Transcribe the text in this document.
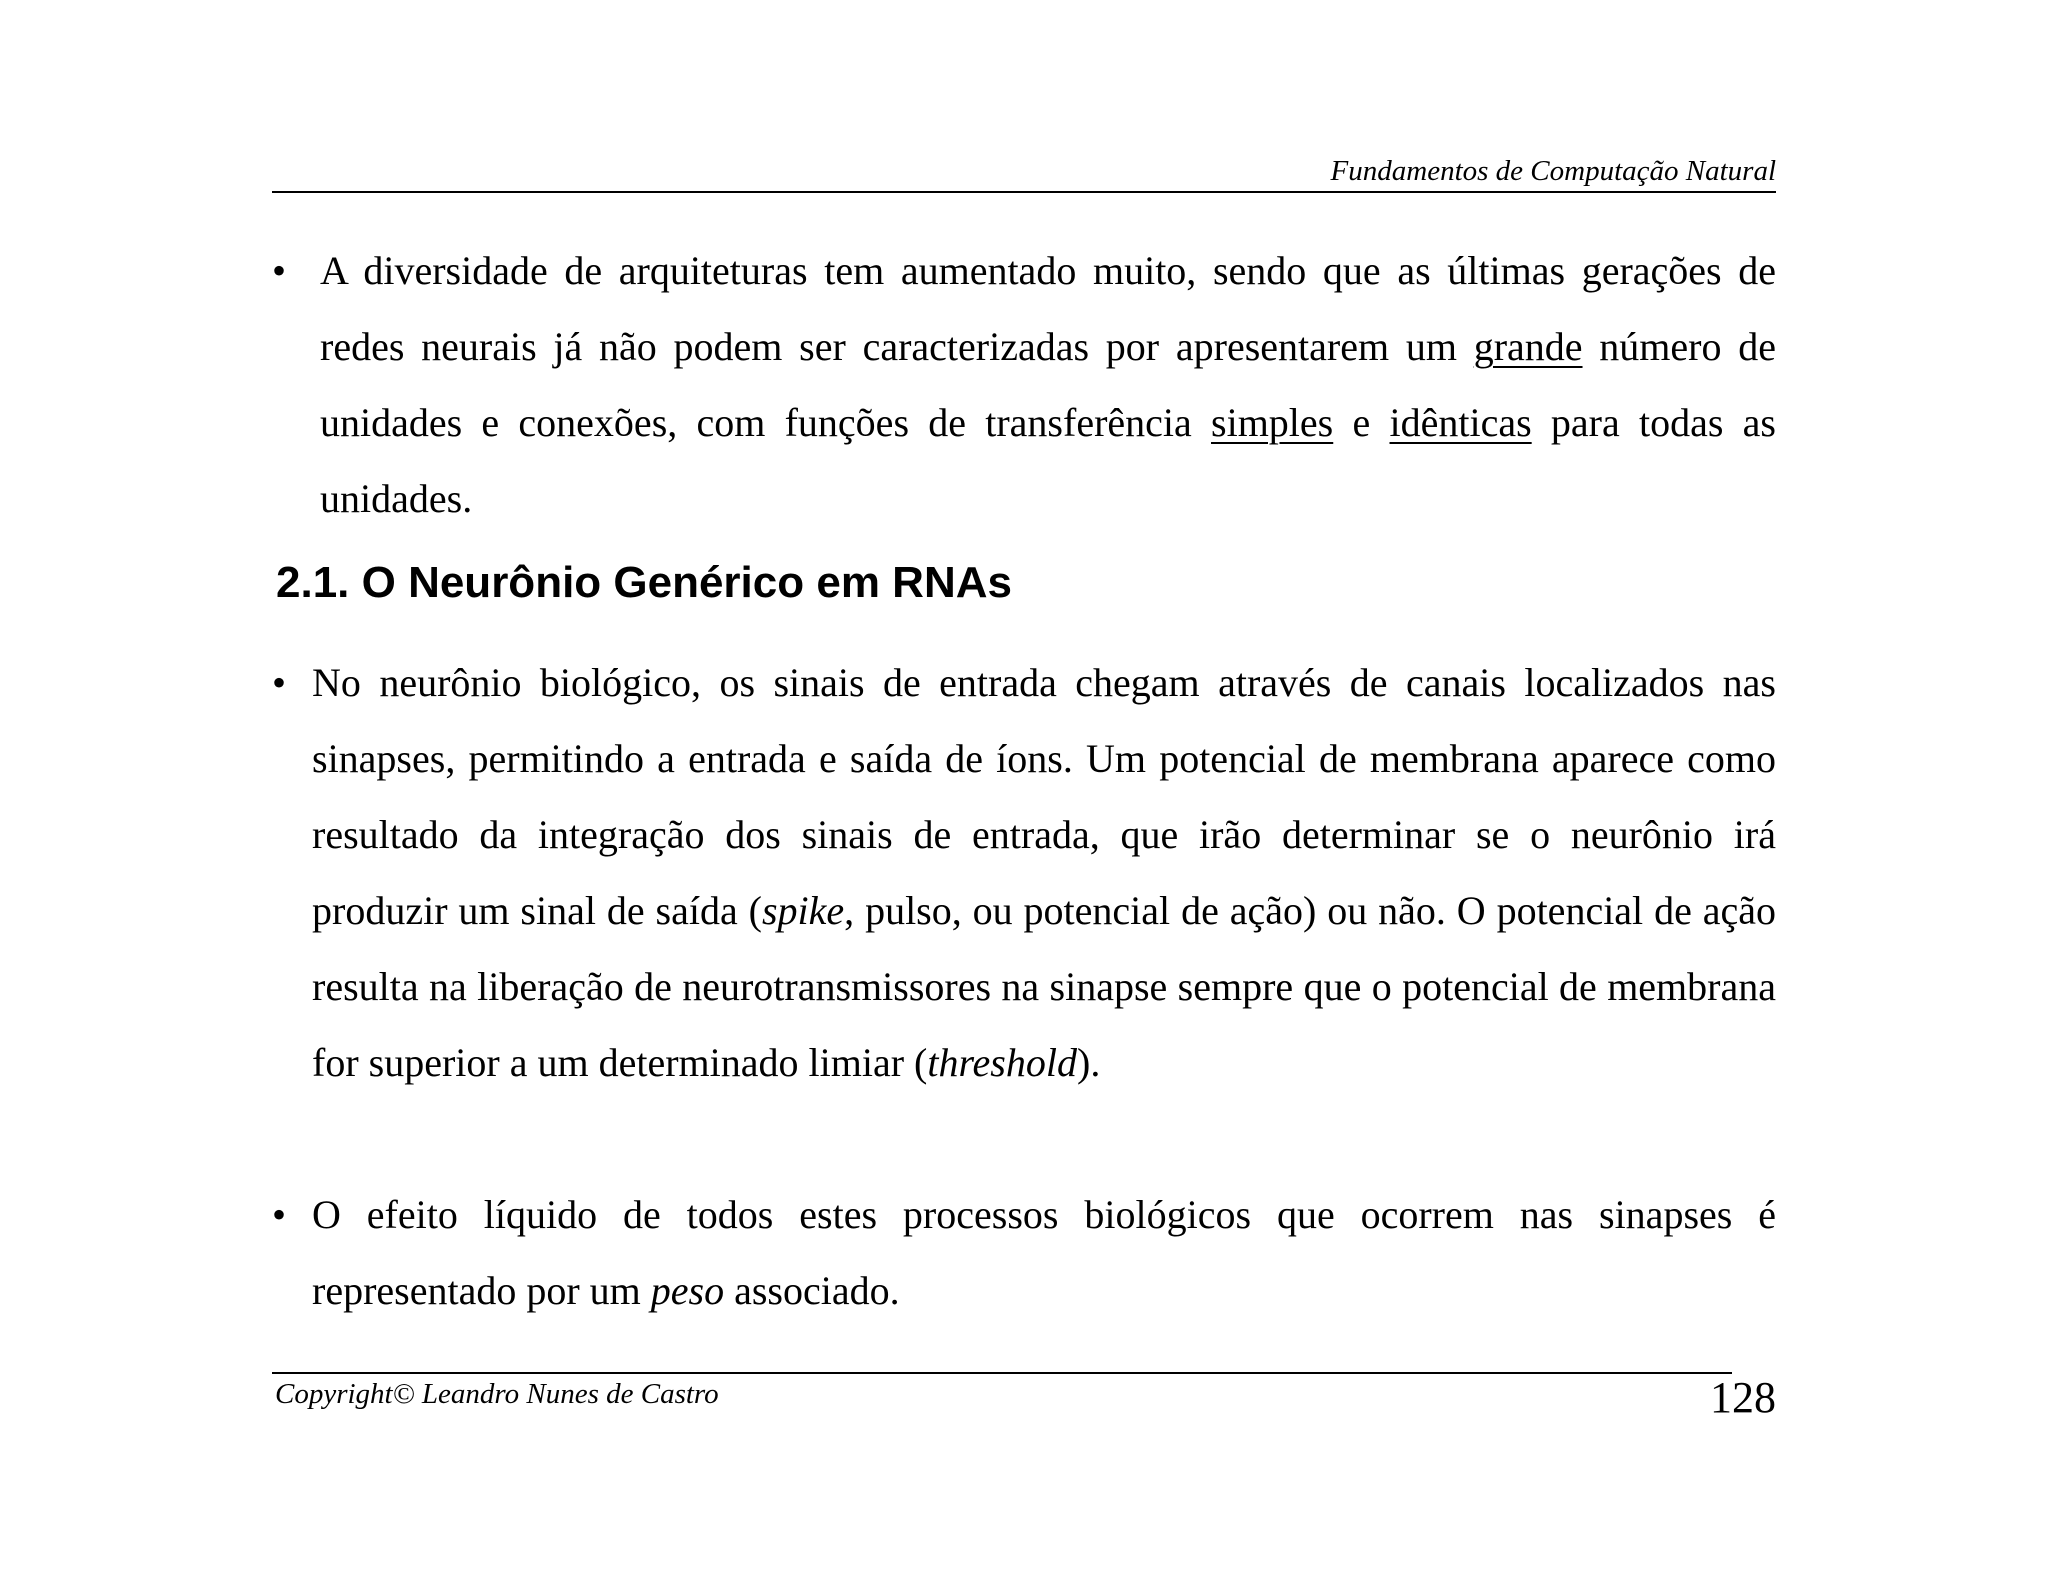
Fundamentos de Computação Natural
• A diversidade de arquiteturas tem aumentado muito, sendo que as últimas gerações de redes neurais já não podem ser caracterizadas por apresentarem um grande número de unidades e conexões, com funções de transferência simples e idênticas para todas as unidades.
2.1. O Neurônio Genérico em RNAs
• No neurônio biológico, os sinais de entrada chegam através de canais localizados nas sinapses, permitindo a entrada e saída de íons. Um potencial de membrana aparece como resultado da integração dos sinais de entrada, que irão determinar se o neurônio irá produzir um sinal de saída (spike, pulso, ou potencial de ação) ou não. O potencial de ação resulta na liberação de neurotransmissores na sinapse sempre que o potencial de membrana for superior a um determinado limiar (threshold).
• O efeito líquido de todos estes processos biológicos que ocorrem nas sinapses é representado por um peso associado.
Copyright© Leandro Nunes de Castro	128
